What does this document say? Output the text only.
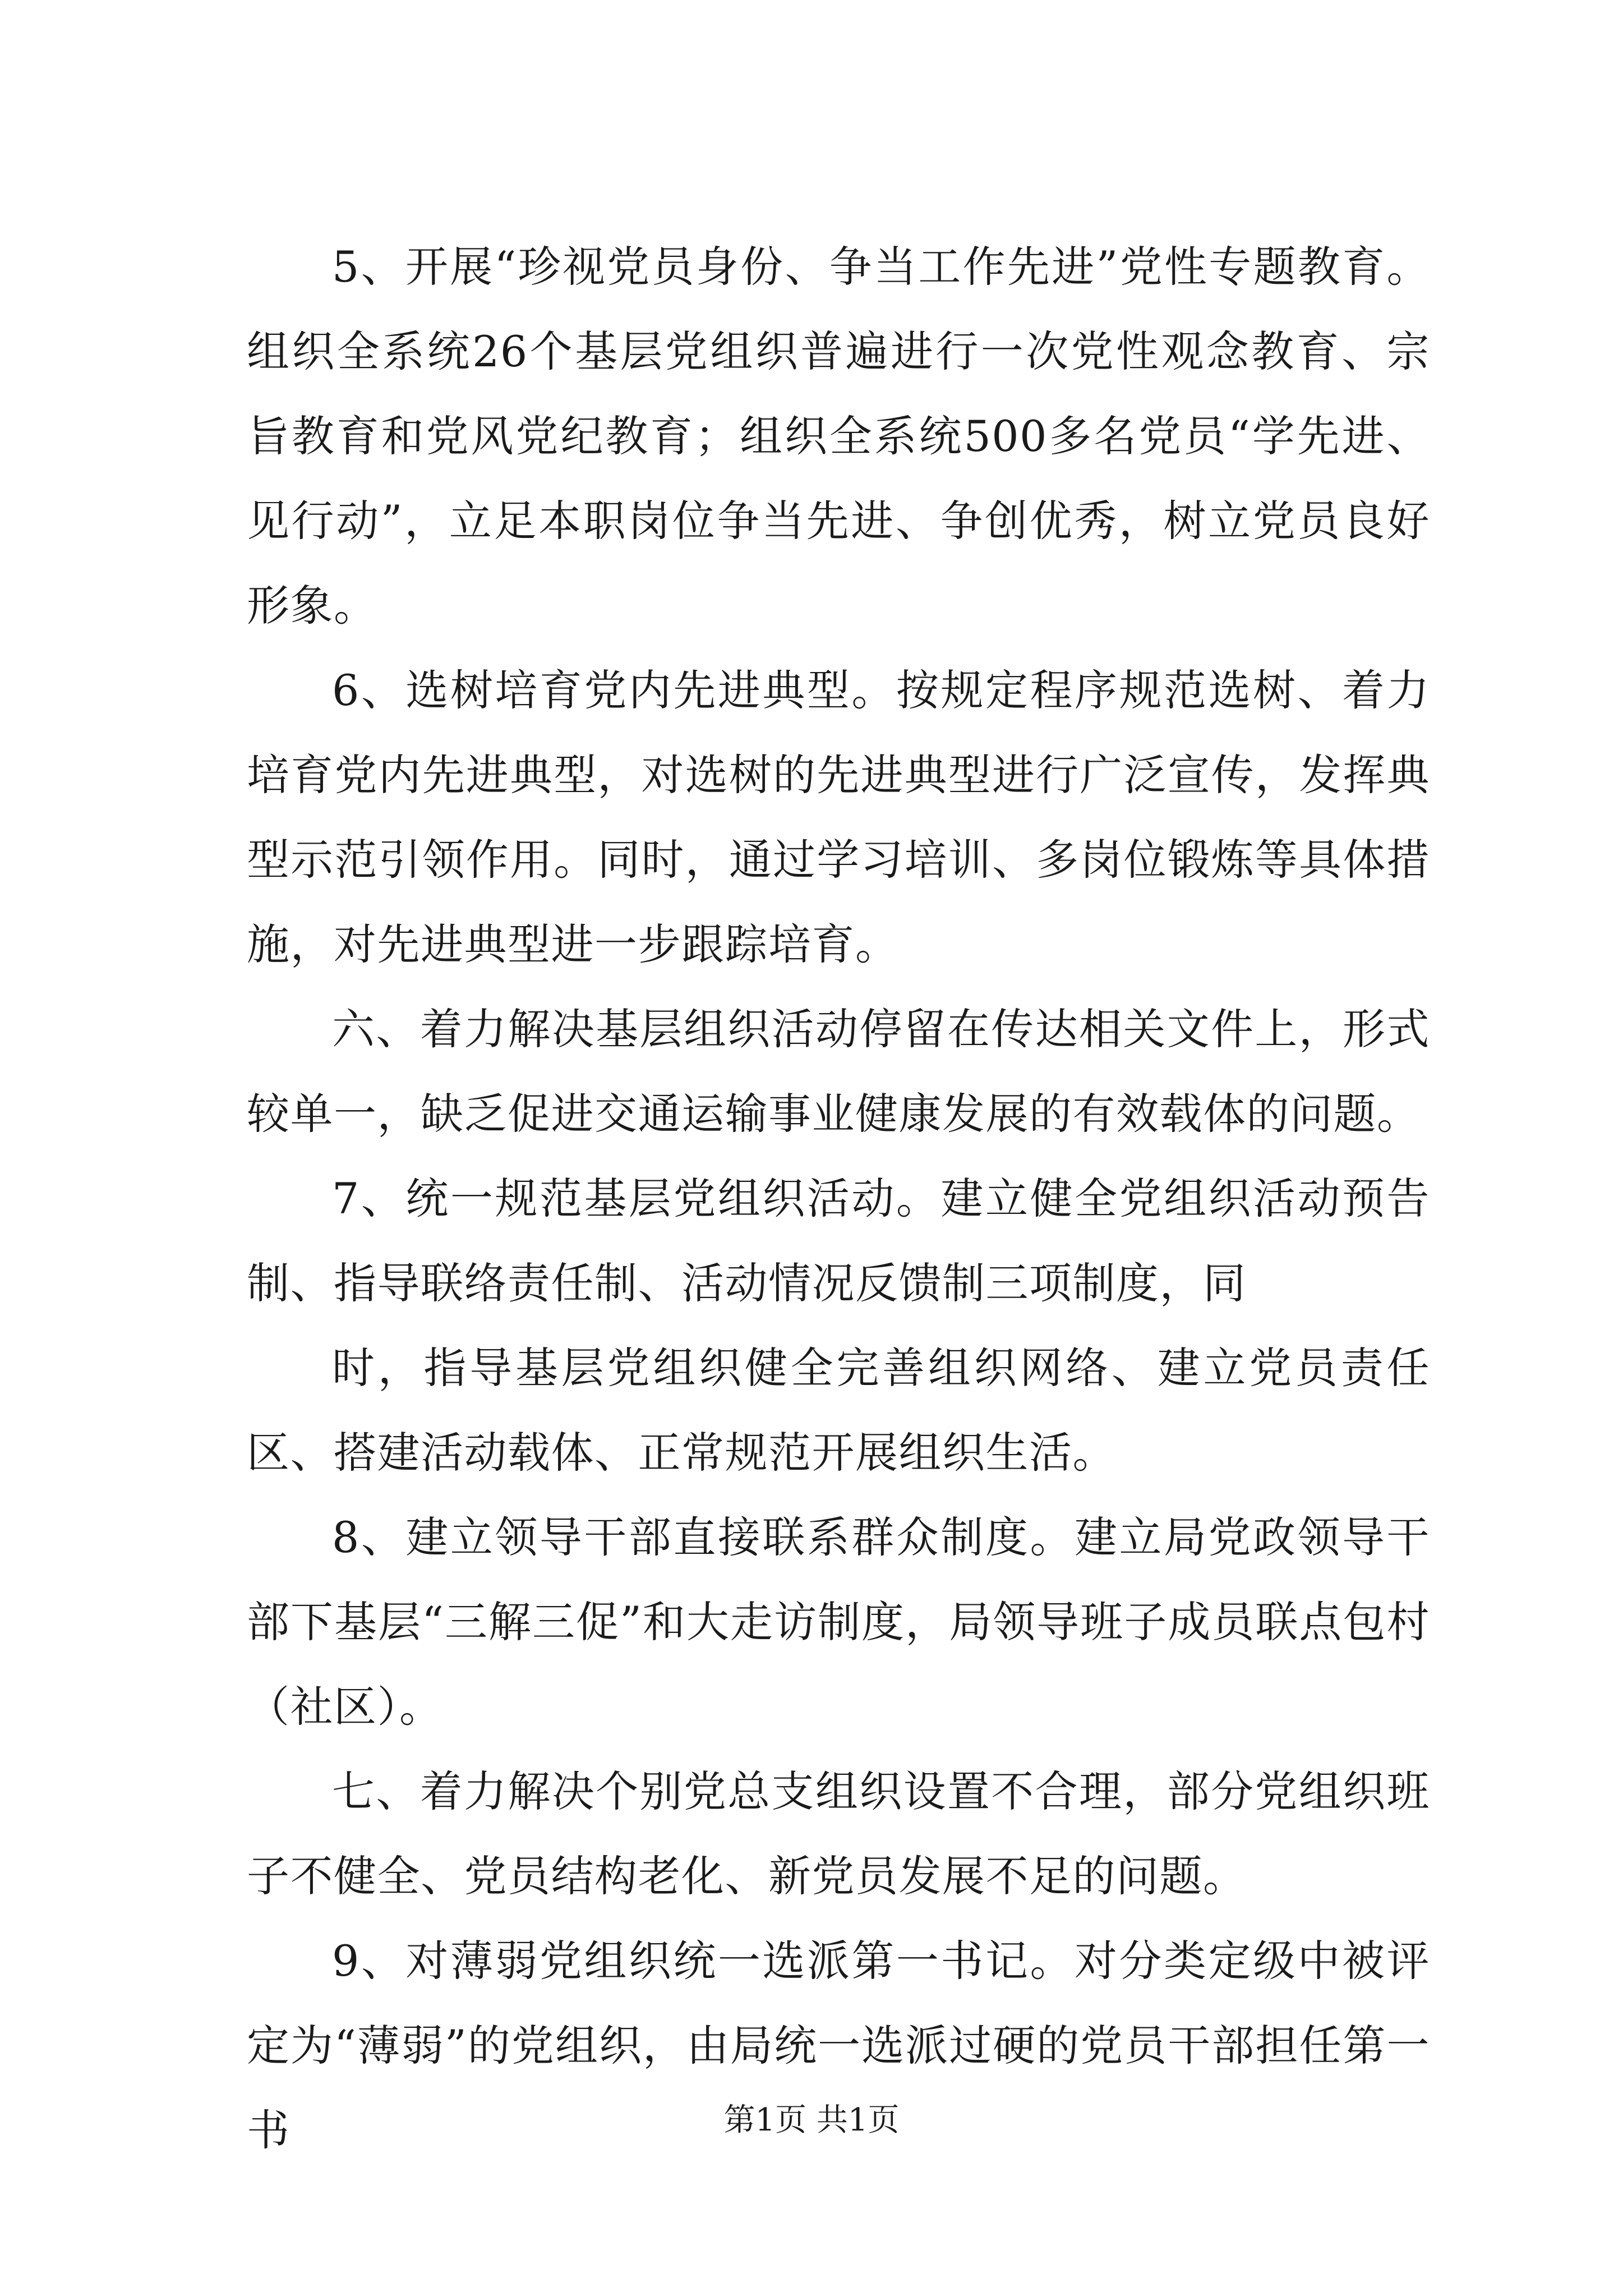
5、开展“珍视党员身份、争当工作先进”党性专题教育。组织全系统26个基层党组织普遍进行一次党性观念教育、宗旨教育和党风党纪教育；组织全系统500多名党员“学先进、见行动”，立足本职岗位争当先进、争创优秀，树立党员良好形象。

6、选树培育党内先进典型。按规定程序规范选树、着力培育党内先进典型，对选树的先进典型进行广泛宣传，发挥典型示范引领作用。同时，通过学习培训、多岗位锻炼等具体措施，对先进典型进一步跟踪培育。

六、着力解决基层组织活动停留在传达相关文件上，形式较单一，缺乏促进交通运输事业健康发展的有效载体的问题。

7、统一规范基层党组织活动。建立健全党组织活动预告制、指导联络责任制、活动情况反馈制三项制度，同

时，指导基层党组织健全完善组织网络、建立党员责任区、搭建活动载体、正常规范开展组织生活。

8、建立领导干部直接联系群众制度。建立局党政领导干部下基层“三解三促”和大走访制度，局领导班子成员联点包村（社区）。

七、着力解决个别党总支组织设置不合理，部分党组织班子不健全、党员结构老化、新党员发展不足的问题。

9、对薄弱党组织统一选派第一书记。对分类定级中被评定为“薄弱”的党组织，由局统一选派过硬的党员干部担任第一书	第1页 共1页
